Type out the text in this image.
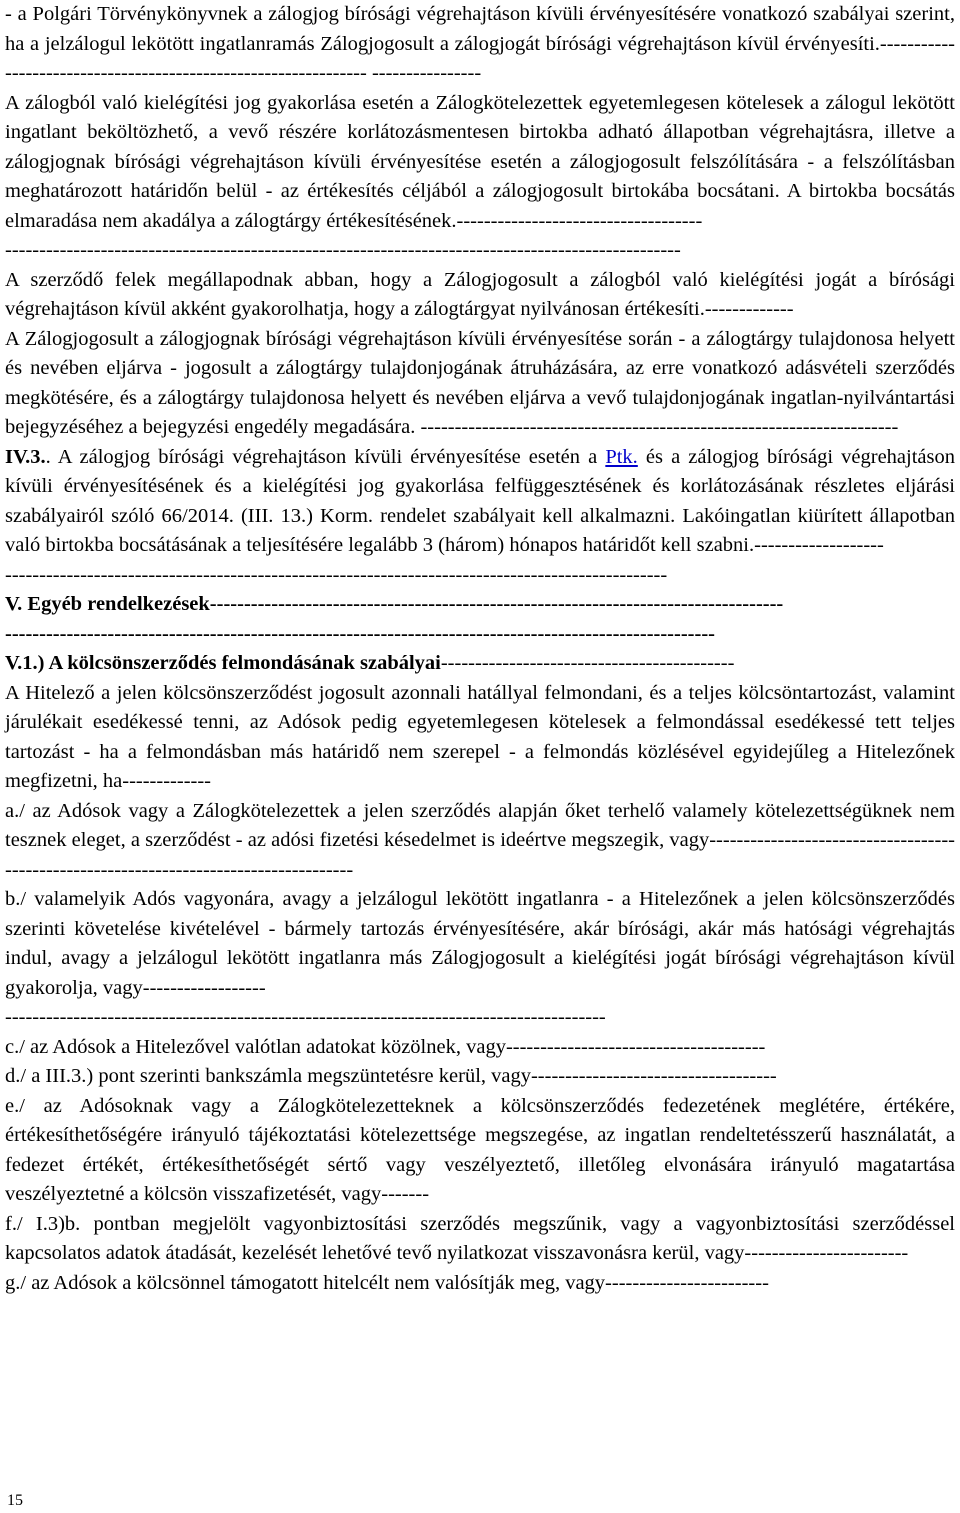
- a Polgári Törvénykönyvnek a zálogjog bírósági végrehajtáson kívüli érvényesítésére vonatkozó szabályai szerint, ha a jelzálogul lekötött ingatlanramás Zálogjogosult a zálogjogát bírósági végrehajtáson kívül érvényesíti.---------------------------------------------------------------- ----------------

A zálogból való kielégítési jog gyakorlása esetén a Zálogkötelezettek egyetemlegesen kötelesek a zálogul lekötött ingatlant beköltözhető, a vevő részére korlátozásmentesen birtokba adható állapotban végrehajtásra, illetve a zálogjognak bírósági végrehajtáson kívüli érvényesítése esetén a zálogjogosult felszólítására - a felszólításban meghatározott határidőn belül - az értékesítés céljából a zálogjogosult birtokába bocsátani. A birtokba bocsátás elmaradása nem akadálya a zálogtárgy értékesítésének.------------------------------------

---------------------------------------------------------------------------------------------------

A szerződő felek megállapodnak abban, hogy a Zálogjogosult a zálogból való kielégítési jogát a bírósági végrehajtáson kívül akként gyakorolhatja, hogy a zálogtárgyat nyilvánosan értékesíti.-------------

A Zálogjogosult a zálogjognak bírósági végrehajtáson kívüli érvényesítése során - a zálogtárgy tulajdonosa helyett és nevében eljárva - jogosult a zálogtárgy tulajdonjogának átruházására, az erre vonatkozó adásvételi szerződés megkötésére, és a zálogtárgy tulajdonosa helyett és nevében eljárva a vevő tulajdonjogának ingatlan-nyilvántartási bejegyzéséhez a bejegyzési engedély megadására. ----------------------------------------------------------------------

IV.3.. A zálogjog bírósági végrehajtáson kívüli érvényesítése esetén a Ptk. és a zálogjog bírósági végrehajtáson kívüli érvényesítésének és a kielégítési jog gyakorlása felfüggesztésének és korlátozásának részletes eljárási szabályairól szóló 66/2014. (III. 13.) Korm. rendelet szabályait kell alkalmazni. Lakóingatlan kiürített állapotban való birtokba bocsátásának a teljesítésére legalább 3 (három) hónapos határidőt kell szabni.-------------------

-------------------------------------------------------------------------------------------------

V. Egyéb rendelkezések------------------------------------------------------------------------------------

--------------------------------------------------------------------------------------------------------

V.1.) A kölcsönszerződés felmondásának szabályai-------------------------------------------

A Hitelező a jelen kölcsönszerződést jogosult azonnali hatállyal felmondani, és a teljes kölcsöntartozást, valamint járulékait esedékessé tenni, az Adósok pedig egyetemlegesen kötelesek a felmondással esedékessé tett teljes tartozást - ha a felmondásban más határidő nem szerepel - a felmondás közlésével egyidejűleg a Hitelezőnek megfizetni, ha-------------

a./ az Adósok vagy a Zálogkötelezettek a jelen szerződés alapján őket terhelő valamely kötelezettségüknek nem tesznek eleget, a szerződést - az adósi fizetési késedelmet is ideértve megszegik, vagy---------------------------------------------------------------------------------------

b./ valamelyik Adós vagyonára, avagy a jelzálogul lekötött ingatlanra - a Hitelezőnek a jelen kölcsönszerződés szerinti követelése kivételével - bármely tartozás érvényesítésére, akár bírósági, akár más hatósági végrehajtás indul, avagy a jelzálogul lekötött ingatlanra más Zálogjogosult a kielégítési jogát bírósági végrehajtáson kívül gyakorolja, vagy------------------

----------------------------------------------------------------------------------------

c./ az Adósok a Hitelezővel valótlan adatokat közölnek, vagy--------------------------------------

d./ a III.3.) pont szerinti bankszámla megszüntetésre kerül, vagy------------------------------------

e./ az Adósoknak vagy a Zálogkötelezetteknek a kölcsönszerződés fedezetének meglétére, értékére, értékesíthetőségére irányuló tájékoztatási kötelezettsége megszegése, az ingatlan rendeltetésszerű használatát, a fedezet értékét, értékesíthetőségét sértő vagy veszélyeztető, illetőleg elvonására irányuló magatartása veszélyeztetné a kölcsön visszafizetését, vagy-------

f./ I.3)b. pontban megjelölt vagyonbiztosítási szerződés megszűnik, vagy a vagyonbiztosítási szerződéssel kapcsolatos adatok átadását, kezelését lehetővé tevő nyilatkozat visszavonásra kerül, vagy------------------------

g./ az Adósok a kölcsönnel támogatott hitelcélt nem valósítják meg, vagy------------------------

15
